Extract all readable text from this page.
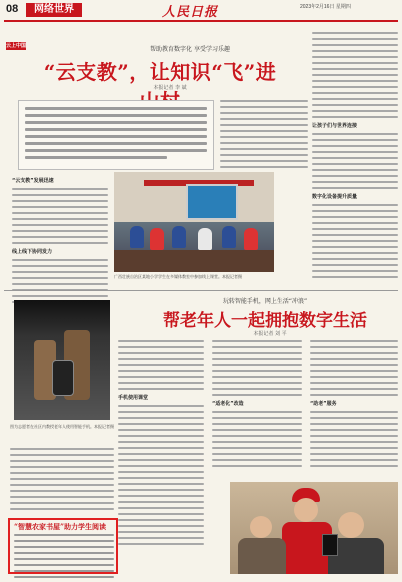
08	网络世界	人民日报	2023年2月16日 星期四
云上中国	帮助教育数字化 享受学习乐趣
“云支教”，让知识“飞”进
本报记者 李 斌
“云支教”发展迅速
线上线下协同发力
让孩子们与世界连接
数字化设备提升质量
广西壮族自治区某地小学学生在多媒体教室中参加线上课堂。本报记者摄
图为志愿者在社区内教授老年人使用智能手机。本报记者摄
玩转智能手机，网上生活“冲浪”
帮老年人一起拥抱数字生活
本报记者 刘 平
手机使用课堂
“适老化”改造	“助老”服务
“智慧农家书屋”助力学生阅读
